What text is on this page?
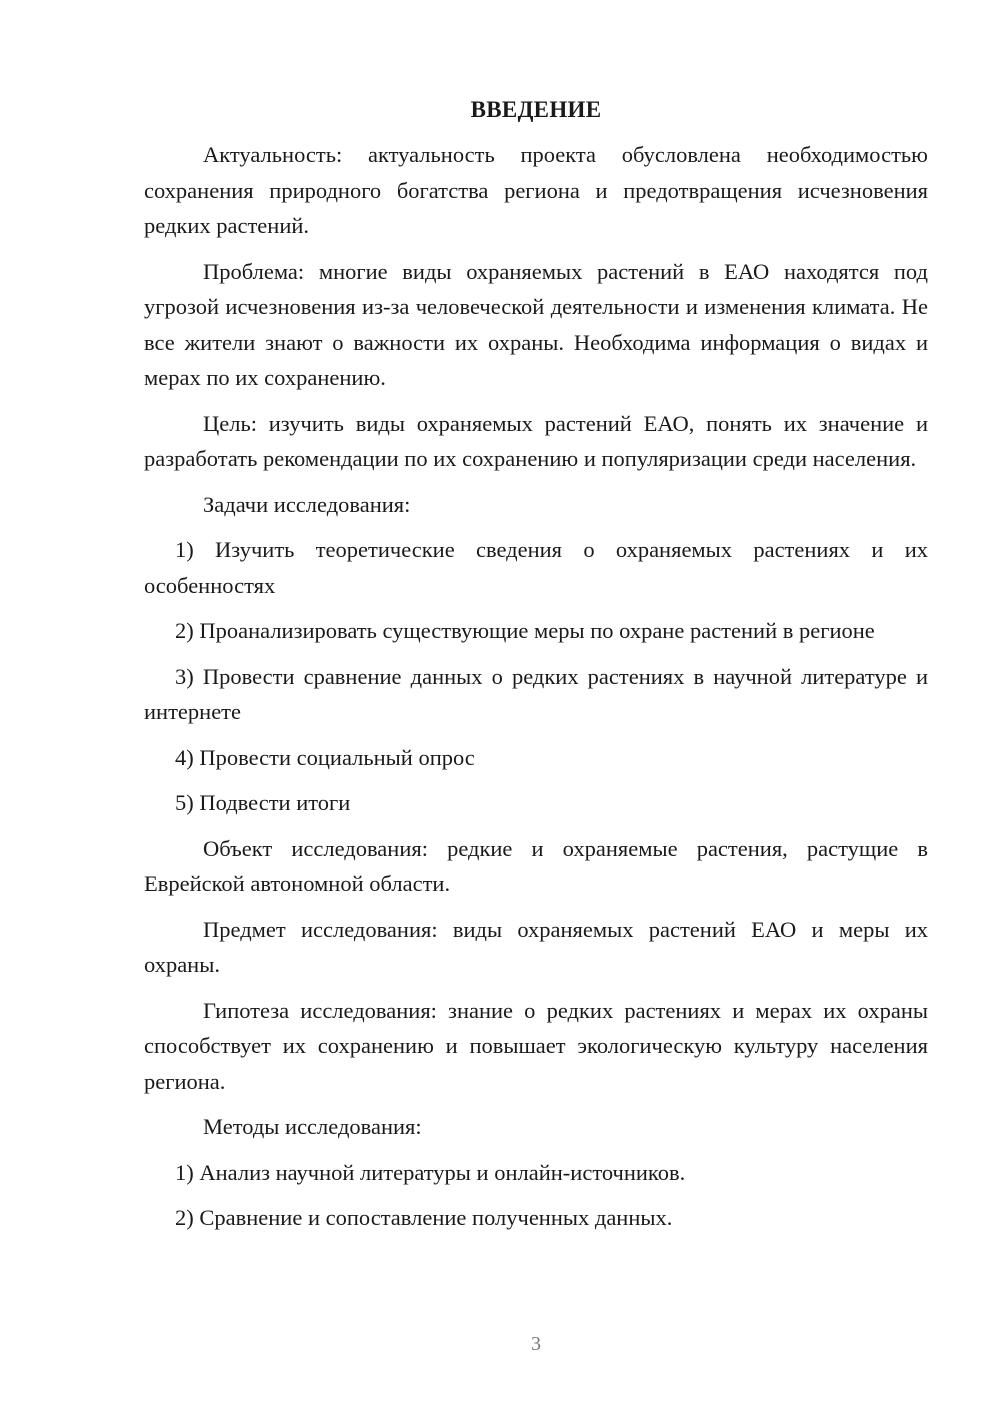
ВВЕДЕНИЕ

Актуальность: актуальность проекта обусловлена необходимостью сохранения природного богатства региона и предотвращения исчезновения редких растений.

Проблема: многие виды охраняемых растений в ЕАО находятся под угрозой исчезновения из-за человеческой деятельности и изменения климата. Не все жители знают о важности их охраны. Необходима информация о видах и мерах по их сохранению.

Цель: изучить виды охраняемых растений ЕАО, понять их значение и разработать рекомендации по их сохранению и популяризации среди населения.

Задачи исследования:

1) Изучить теоретические сведения о охраняемых растениях и их особенностях

2) Проанализировать существующие меры по охране растений в регионе

3) Провести сравнение данных о редких растениях в научной литературе и интернете

4) Провести социальный опрос

5) Подвести итоги

Объект исследования: редкие и охраняемые растения, растущие в Еврейской автономной области.

Предмет исследования: виды охраняемых растений ЕАО и меры их охраны.

Гипотеза исследования: знание о редких растениях и мерах их охраны способствует их сохранению и повышает экологическую культуру населения региона.

Методы исследования:

1) Анализ научной литературы и онлайн-источников.

2) Сравнение и сопоставление полученных данных.

3
